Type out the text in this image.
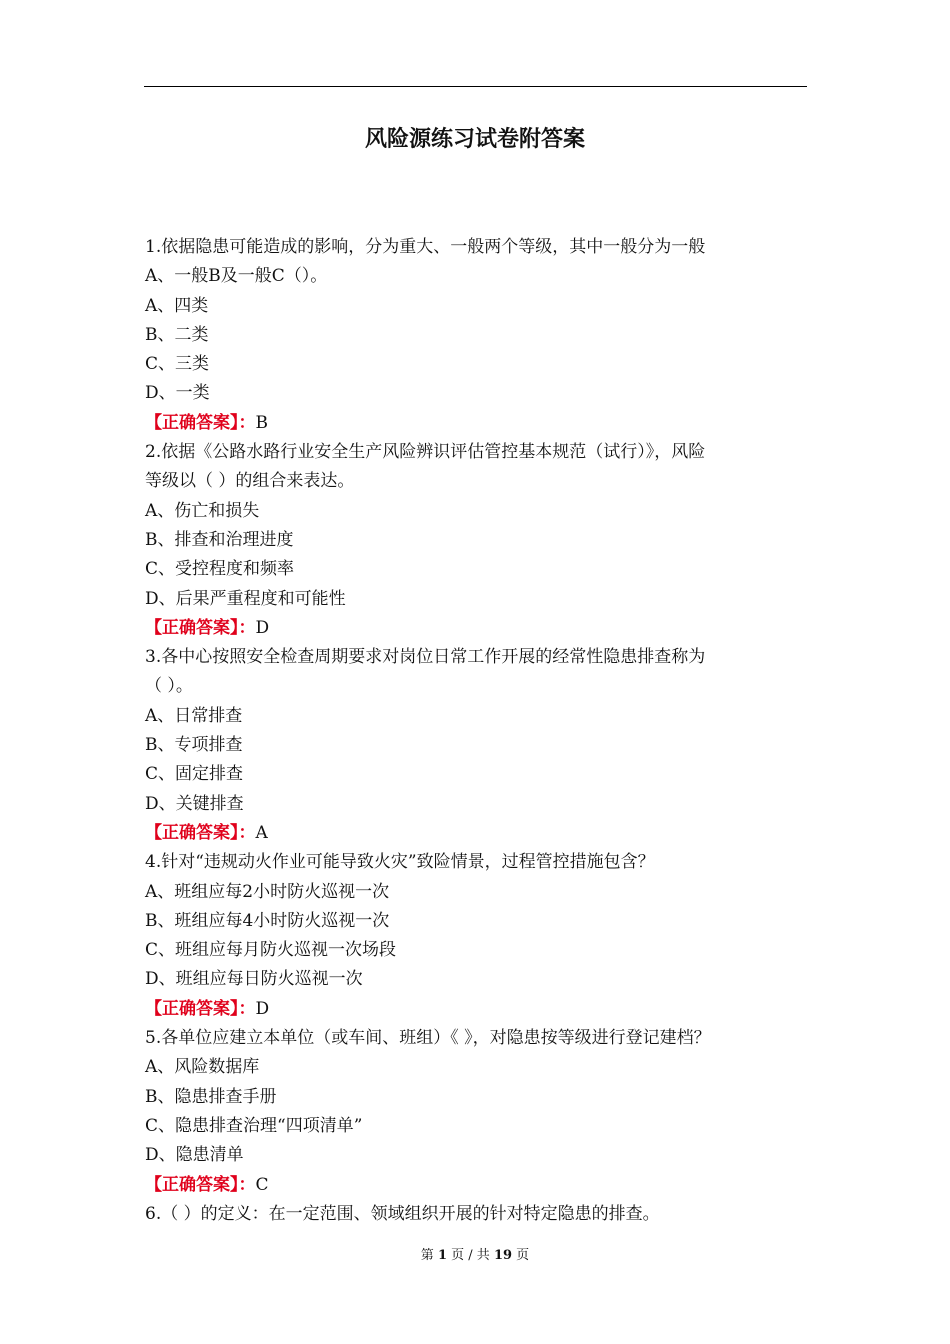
风险源练习试卷附答案
1.依据隐患可能造成的影响，分为重大、一般两个等级，其中一般分为一般
A、一般B及一般C（）。
A、四类
B、二类
C、三类
D、一类
【正确答案】：B
2.依据《公路水路行业安全生产风险辨识评估管控基本规范（试行）》，风险
等级以（ ）的组合来表达。
A、伤亡和损失
B、排查和治理进度
C、受控程度和频率
D、后果严重程度和可能性
【正确答案】：D
3.各中心按照安全检查周期要求对岗位日常工作开展的经常性隐患排查称为
（ ）。
A、日常排查
B、专项排查
C、固定排查
D、关键排查
【正确答案】：A
4.针对“违规动火作业可能导致火灾”致险情景，过程管控措施包含？
A、班组应每2小时防火巡视一次
B、班组应每4小时防火巡视一次
C、班组应每月防火巡视一次场段
D、班组应每日防火巡视一次
【正确答案】：D
5.各单位应建立本单位（或车间、班组）《 》，对隐患按等级进行登记建档？
A、风险数据库
B、隐患排查手册
C、隐患排查治理“四项清单”
D、隐患清单
【正确答案】：C
6.（ ）的定义：在一定范围、领域组织开展的针对特定隐患的排查。
第 1 页 / 共 19 页
